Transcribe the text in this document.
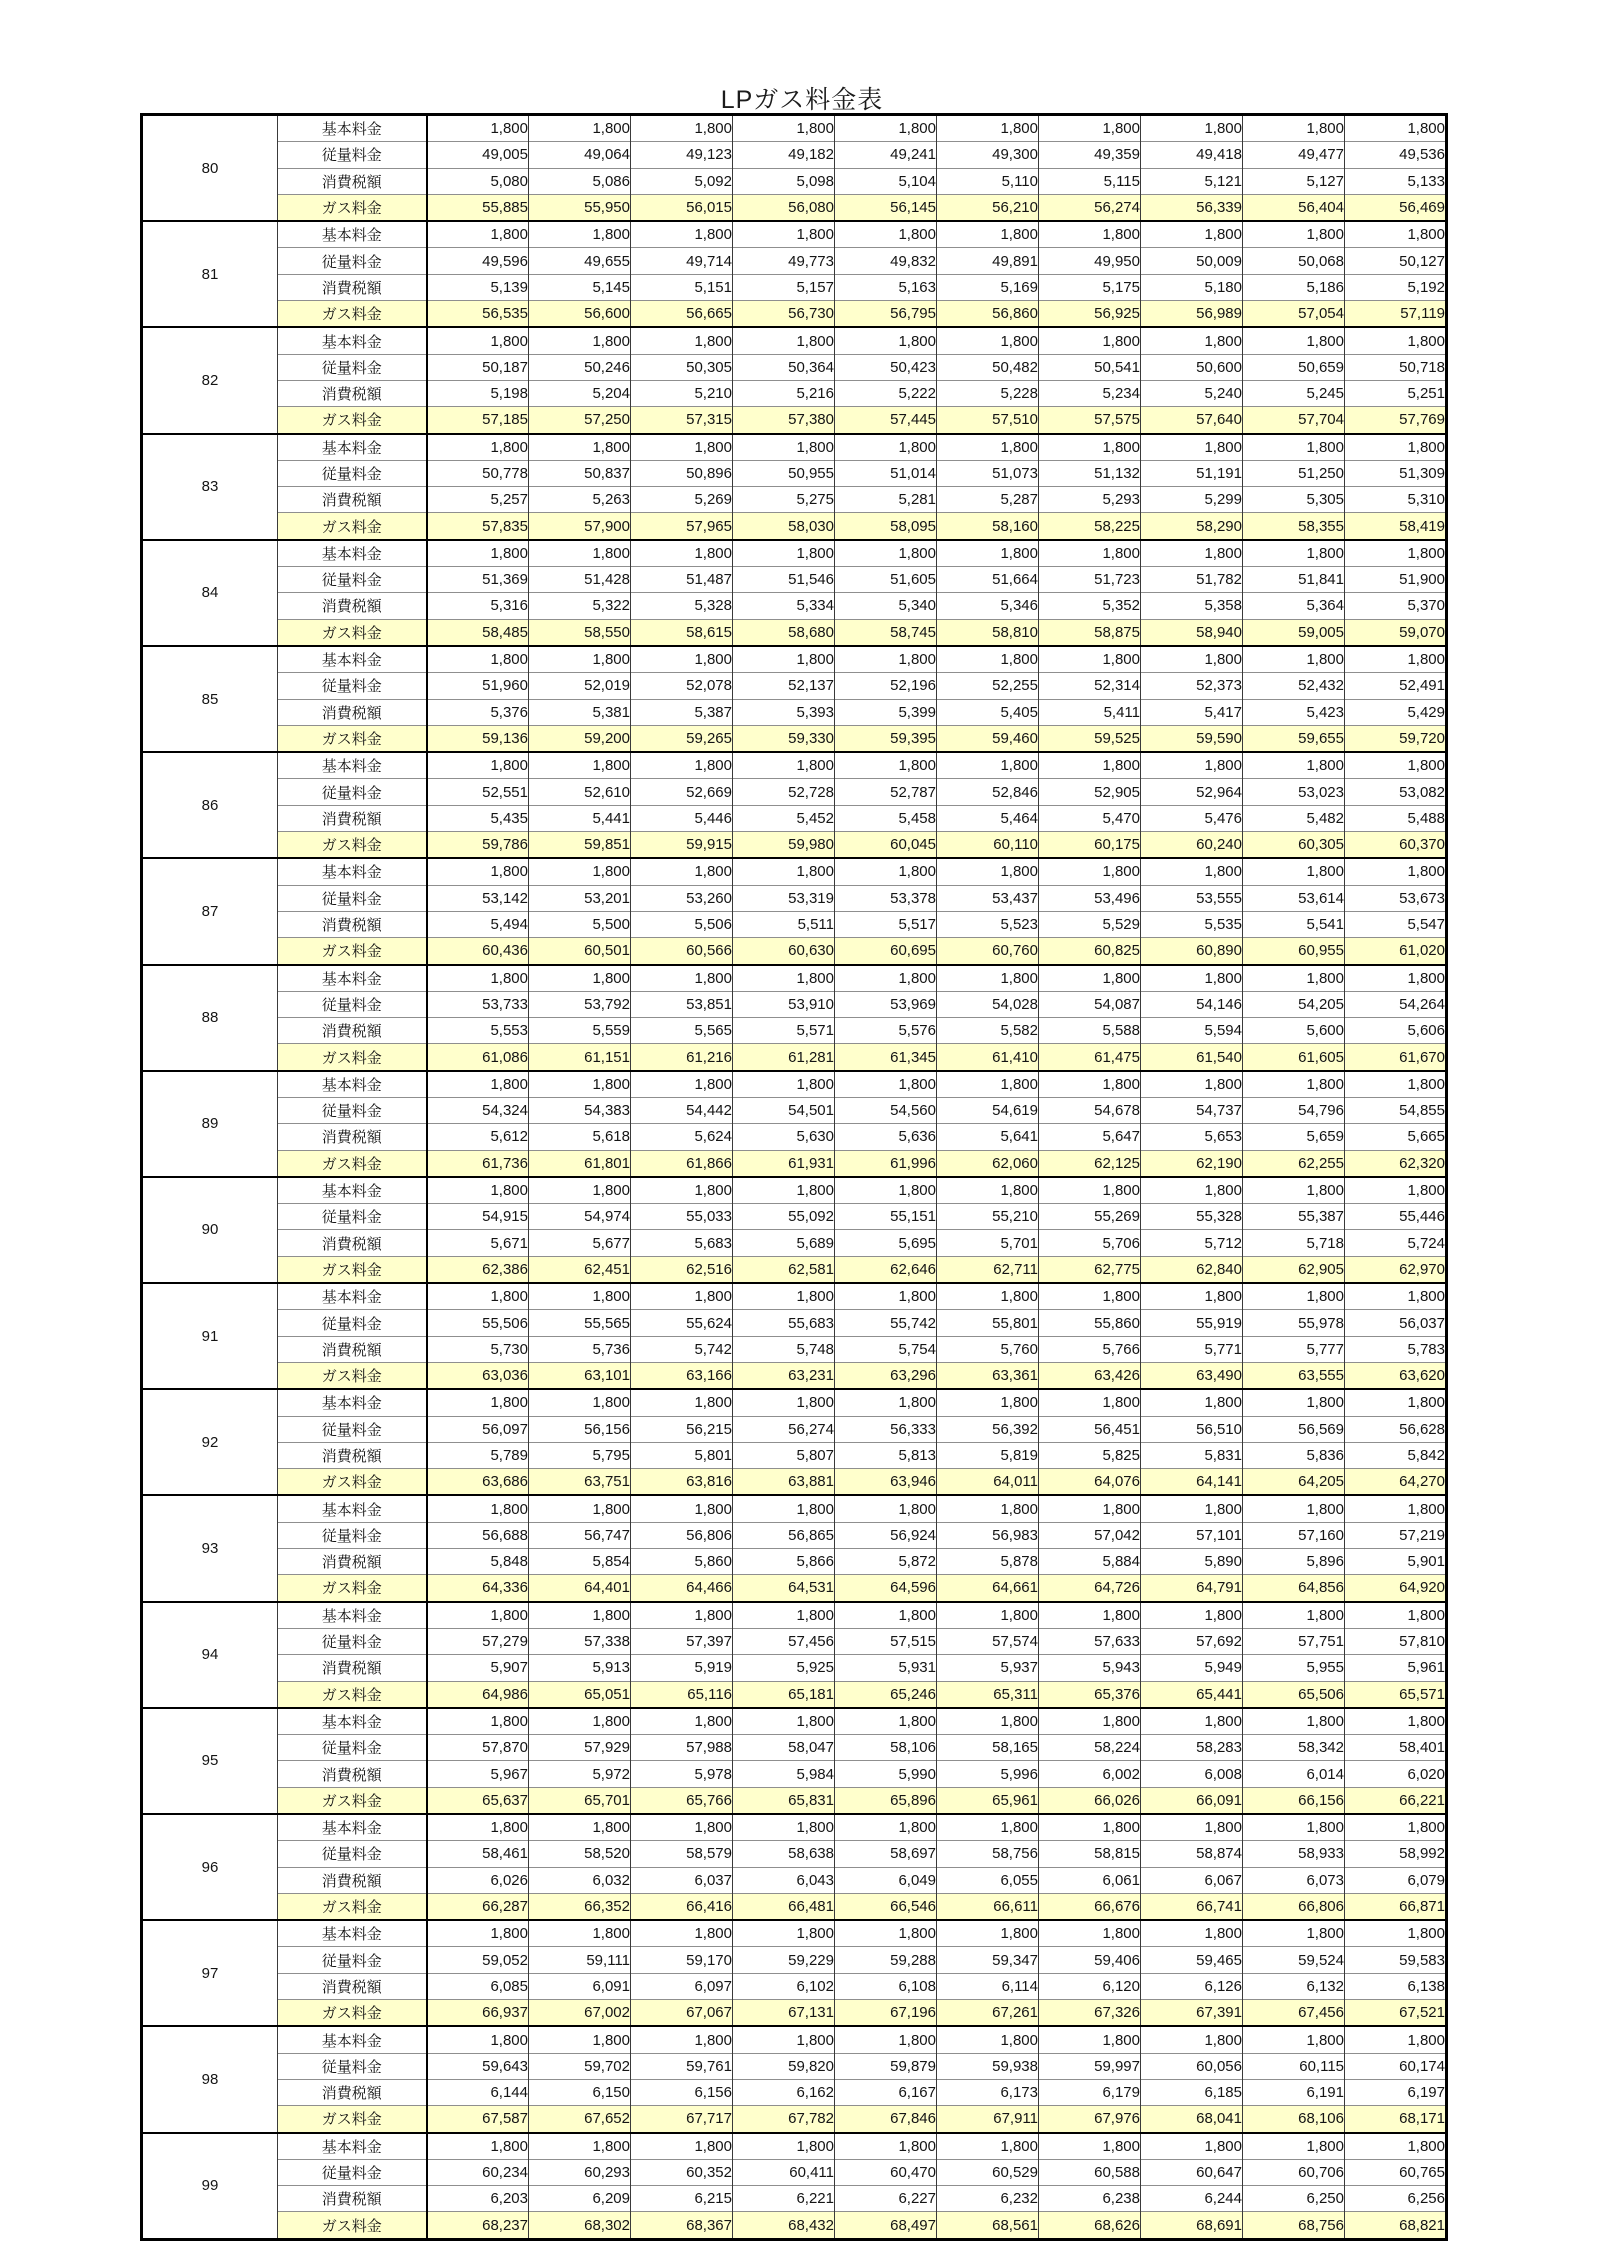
LPガス料金表
80	基本料金	1,800	1,800	1,800	1,800	1,800	1,800	1,800	1,800	1,800	1,800
	従量料金	49,005	49,064	49,123	49,182	49,241	49,300	49,359	49,418	49,477	49,536
	消費税額	5,080	5,086	5,092	5,098	5,104	5,110	5,115	5,121	5,127	5,133
	ガス料金	55,885	55,950	56,015	56,080	56,145	56,210	56,274	56,339	56,404	56,469
81	基本料金	1,800	1,800	1,800	1,800	1,800	1,800	1,800	1,800	1,800	1,800
	従量料金	49,596	49,655	49,714	49,773	49,832	49,891	49,950	50,009	50,068	50,127
	消費税額	5,139	5,145	5,151	5,157	5,163	5,169	5,175	5,180	5,186	5,192
	ガス料金	56,535	56,600	56,665	56,730	56,795	56,860	56,925	56,989	57,054	57,119
82	基本料金	1,800	1,800	1,800	1,800	1,800	1,800	1,800	1,800	1,800	1,800
	従量料金	50,187	50,246	50,305	50,364	50,423	50,482	50,541	50,600	50,659	50,718
	消費税額	5,198	5,204	5,210	5,216	5,222	5,228	5,234	5,240	5,245	5,251
	ガス料金	57,185	57,250	57,315	57,380	57,445	57,510	57,575	57,640	57,704	57,769
83	基本料金	1,800	1,800	1,800	1,800	1,800	1,800	1,800	1,800	1,800	1,800
	従量料金	50,778	50,837	50,896	50,955	51,014	51,073	51,132	51,191	51,250	51,309
	消費税額	5,257	5,263	5,269	5,275	5,281	5,287	5,293	5,299	5,305	5,310
	ガス料金	57,835	57,900	57,965	58,030	58,095	58,160	58,225	58,290	58,355	58,419
84	基本料金	1,800	1,800	1,800	1,800	1,800	1,800	1,800	1,800	1,800	1,800
	従量料金	51,369	51,428	51,487	51,546	51,605	51,664	51,723	51,782	51,841	51,900
	消費税額	5,316	5,322	5,328	5,334	5,340	5,346	5,352	5,358	5,364	5,370
	ガス料金	58,485	58,550	58,615	58,680	58,745	58,810	58,875	58,940	59,005	59,070
85	基本料金	1,800	1,800	1,800	1,800	1,800	1,800	1,800	1,800	1,800	1,800
	従量料金	51,960	52,019	52,078	52,137	52,196	52,255	52,314	52,373	52,432	52,491
	消費税額	5,376	5,381	5,387	5,393	5,399	5,405	5,411	5,417	5,423	5,429
	ガス料金	59,136	59,200	59,265	59,330	59,395	59,460	59,525	59,590	59,655	59,720
86	基本料金	1,800	1,800	1,800	1,800	1,800	1,800	1,800	1,800	1,800	1,800
	従量料金	52,551	52,610	52,669	52,728	52,787	52,846	52,905	52,964	53,023	53,082
	消費税額	5,435	5,441	5,446	5,452	5,458	5,464	5,470	5,476	5,482	5,488
	ガス料金	59,786	59,851	59,915	59,980	60,045	60,110	60,175	60,240	60,305	60,370
87	基本料金	1,800	1,800	1,800	1,800	1,800	1,800	1,800	1,800	1,800	1,800
	従量料金	53,142	53,201	53,260	53,319	53,378	53,437	53,496	53,555	53,614	53,673
	消費税額	5,494	5,500	5,506	5,511	5,517	5,523	5,529	5,535	5,541	5,547
	ガス料金	60,436	60,501	60,566	60,630	60,695	60,760	60,825	60,890	60,955	61,020
88	基本料金	1,800	1,800	1,800	1,800	1,800	1,800	1,800	1,800	1,800	1,800
	従量料金	53,733	53,792	53,851	53,910	53,969	54,028	54,087	54,146	54,205	54,264
	消費税額	5,553	5,559	5,565	5,571	5,576	5,582	5,588	5,594	5,600	5,606
	ガス料金	61,086	61,151	61,216	61,281	61,345	61,410	61,475	61,540	61,605	61,670
89	基本料金	1,800	1,800	1,800	1,800	1,800	1,800	1,800	1,800	1,800	1,800
	従量料金	54,324	54,383	54,442	54,501	54,560	54,619	54,678	54,737	54,796	54,855
	消費税額	5,612	5,618	5,624	5,630	5,636	5,641	5,647	5,653	5,659	5,665
	ガス料金	61,736	61,801	61,866	61,931	61,996	62,060	62,125	62,190	62,255	62,320
90	基本料金	1,800	1,800	1,800	1,800	1,800	1,800	1,800	1,800	1,800	1,800
	従量料金	54,915	54,974	55,033	55,092	55,151	55,210	55,269	55,328	55,387	55,446
	消費税額	5,671	5,677	5,683	5,689	5,695	5,701	5,706	5,712	5,718	5,724
	ガス料金	62,386	62,451	62,516	62,581	62,646	62,711	62,775	62,840	62,905	62,970
91	基本料金	1,800	1,800	1,800	1,800	1,800	1,800	1,800	1,800	1,800	1,800
	従量料金	55,506	55,565	55,624	55,683	55,742	55,801	55,860	55,919	55,978	56,037
	消費税額	5,730	5,736	5,742	5,748	5,754	5,760	5,766	5,771	5,777	5,783
	ガス料金	63,036	63,101	63,166	63,231	63,296	63,361	63,426	63,490	63,555	63,620
92	基本料金	1,800	1,800	1,800	1,800	1,800	1,800	1,800	1,800	1,800	1,800
	従量料金	56,097	56,156	56,215	56,274	56,333	56,392	56,451	56,510	56,569	56,628
	消費税額	5,789	5,795	5,801	5,807	5,813	5,819	5,825	5,831	5,836	5,842
	ガス料金	63,686	63,751	63,816	63,881	63,946	64,011	64,076	64,141	64,205	64,270
93	基本料金	1,800	1,800	1,800	1,800	1,800	1,800	1,800	1,800	1,800	1,800
	従量料金	56,688	56,747	56,806	56,865	56,924	56,983	57,042	57,101	57,160	57,219
	消費税額	5,848	5,854	5,860	5,866	5,872	5,878	5,884	5,890	5,896	5,901
	ガス料金	64,336	64,401	64,466	64,531	64,596	64,661	64,726	64,791	64,856	64,920
94	基本料金	1,800	1,800	1,800	1,800	1,800	1,800	1,800	1,800	1,800	1,800
	従量料金	57,279	57,338	57,397	57,456	57,515	57,574	57,633	57,692	57,751	57,810
	消費税額	5,907	5,913	5,919	5,925	5,931	5,937	5,943	5,949	5,955	5,961
	ガス料金	64,986	65,051	65,116	65,181	65,246	65,311	65,376	65,441	65,506	65,571
95	基本料金	1,800	1,800	1,800	1,800	1,800	1,800	1,800	1,800	1,800	1,800
	従量料金	57,870	57,929	57,988	58,047	58,106	58,165	58,224	58,283	58,342	58,401
	消費税額	5,967	5,972	5,978	5,984	5,990	5,996	6,002	6,008	6,014	6,020
	ガス料金	65,637	65,701	65,766	65,831	65,896	65,961	66,026	66,091	66,156	66,221
96	基本料金	1,800	1,800	1,800	1,800	1,800	1,800	1,800	1,800	1,800	1,800
	従量料金	58,461	58,520	58,579	58,638	58,697	58,756	58,815	58,874	58,933	58,992
	消費税額	6,026	6,032	6,037	6,043	6,049	6,055	6,061	6,067	6,073	6,079
	ガス料金	66,287	66,352	66,416	66,481	66,546	66,611	66,676	66,741	66,806	66,871
97	基本料金	1,800	1,800	1,800	1,800	1,800	1,800	1,800	1,800	1,800	1,800
	従量料金	59,052	59,111	59,170	59,229	59,288	59,347	59,406	59,465	59,524	59,583
	消費税額	6,085	6,091	6,097	6,102	6,108	6,114	6,120	6,126	6,132	6,138
	ガス料金	66,937	67,002	67,067	67,131	67,196	67,261	67,326	67,391	67,456	67,521
98	基本料金	1,800	1,800	1,800	1,800	1,800	1,800	1,800	1,800	1,800	1,800
	従量料金	59,643	59,702	59,761	59,820	59,879	59,938	59,997	60,056	60,115	60,174
	消費税額	6,144	6,150	6,156	6,162	6,167	6,173	6,179	6,185	6,191	6,197
	ガス料金	67,587	67,652	67,717	67,782	67,846	67,911	67,976	68,041	68,106	68,171
99	基本料金	1,800	1,800	1,800	1,800	1,800	1,800	1,800	1,800	1,800	1,800
	従量料金	60,234	60,293	60,352	60,411	60,470	60,529	60,588	60,647	60,706	60,765
	消費税額	6,203	6,209	6,215	6,221	6,227	6,232	6,238	6,244	6,250	6,256
	ガス料金	68,237	68,302	68,367	68,432	68,497	68,561	68,626	68,691	68,756	68,821
